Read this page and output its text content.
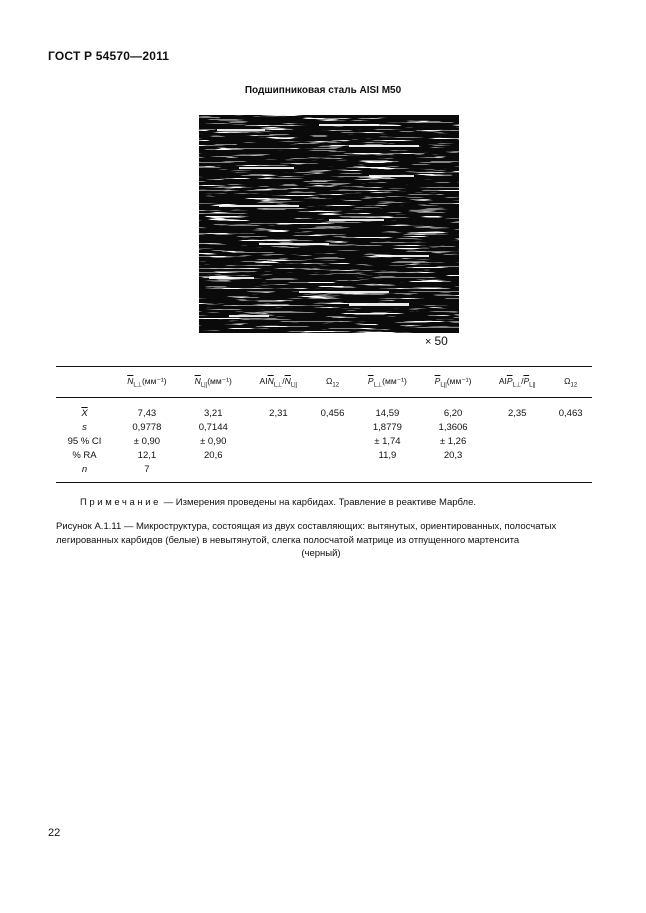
ГОСТ Р 54570—2011
Подшипниковая сталь AISI M50
× 50
	$\overline{N}_{L\perp}(мм^{-1})$	$\overline{N}_{L||}(мм^{-1})$	$AI\overline{N}_{L\perp}/\overline{N}_{L||}$	$\Omega_{12}$	$\overline{P}_{L\perp}(мм^{-1})$	$\overline{P}_{L||}(мм^{-1})$	$AI\overline{P}_{L\perp}/\overline{P}_{L||}$	$\Omega_{12}$
$\overline{X}$	7,43	3,21	2,31	0,456	14,59	6,20	2,35	0,463
s	0,9778	0,7144			1,8779	1,3606		
95 % CI	± 0,90	± 0,90			± 1,74	± 1,26		
% RA	12,1	20,6			11,9	20,3		
n	7							
Примечание — Измерения проведены на карбидах. Травление в реактиве Марбле.
Рисунок А.1.11 — Микроструктура, состоящая из двух составляющих: вытянутых, ориентированных, полосчатых
легированных карбидов (белые) в невытянутой, слегка полосчатой матрице из отпущенного мартенсита
(черный)
22
